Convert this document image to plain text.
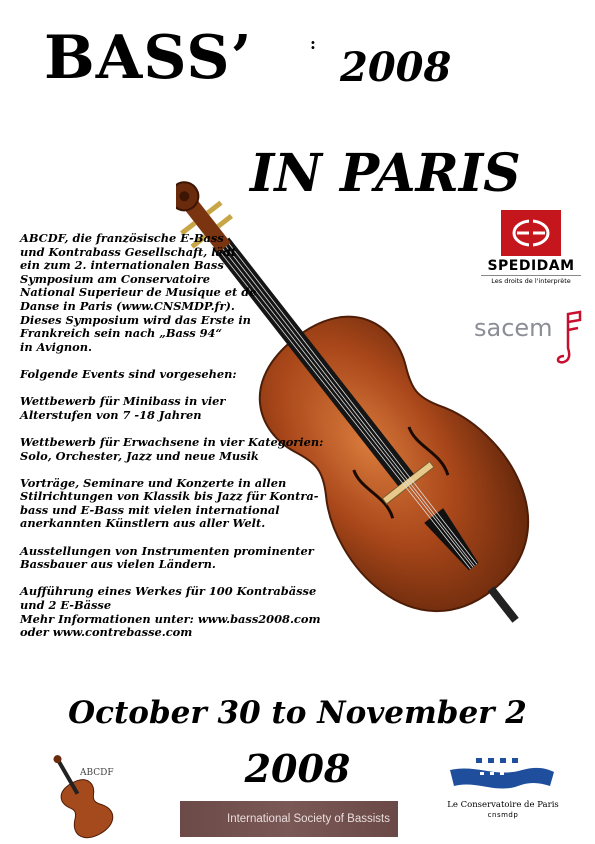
BASS’	:
2008
IN PARIS

ABCDF, die französische E-Bass
und Kontrabass Gesellschaft, lädt
ein zum 2. internationalen Bass
Symposium am Conservatoire
National Superieur de Musique et de
Danse in Paris (www.CNSMDP.fr).
Dieses Symposium wird das Erste in
Frankreich sein nach „Bass 94“
in Avignon.

Folgende Events sind vorgesehen:

Wettbewerb für Minibass in vier
Alterstufen von 7 -18 Jahren

Wettbewerb für Erwachsene in vier Kategorien:
Solo, Orchester, Jazz und neue Musik

Vorträge, Seminare und Konzerte in allen
Stilrichtungen von Klassik bis Jazz für Kontra-
bass und E-Bass mit vielen international
anerkannten Künstlern aus aller Welt.

Ausstellungen von Instrumenten prominenter
Bassbauer aus vielen Ländern.

Aufführung eines Werkes für 100 Kontrabässe
und 2 E-Bässe

Mehr Informationen unter: www.bass2008.com
oder www.contrebasse.com

SPEDIDAM
Les droits de l'interprète
sacem
October 30 to November 2
2008
ABCDF
International Society of Bassists
Le Conservatoire de Paris
cnsmdp
